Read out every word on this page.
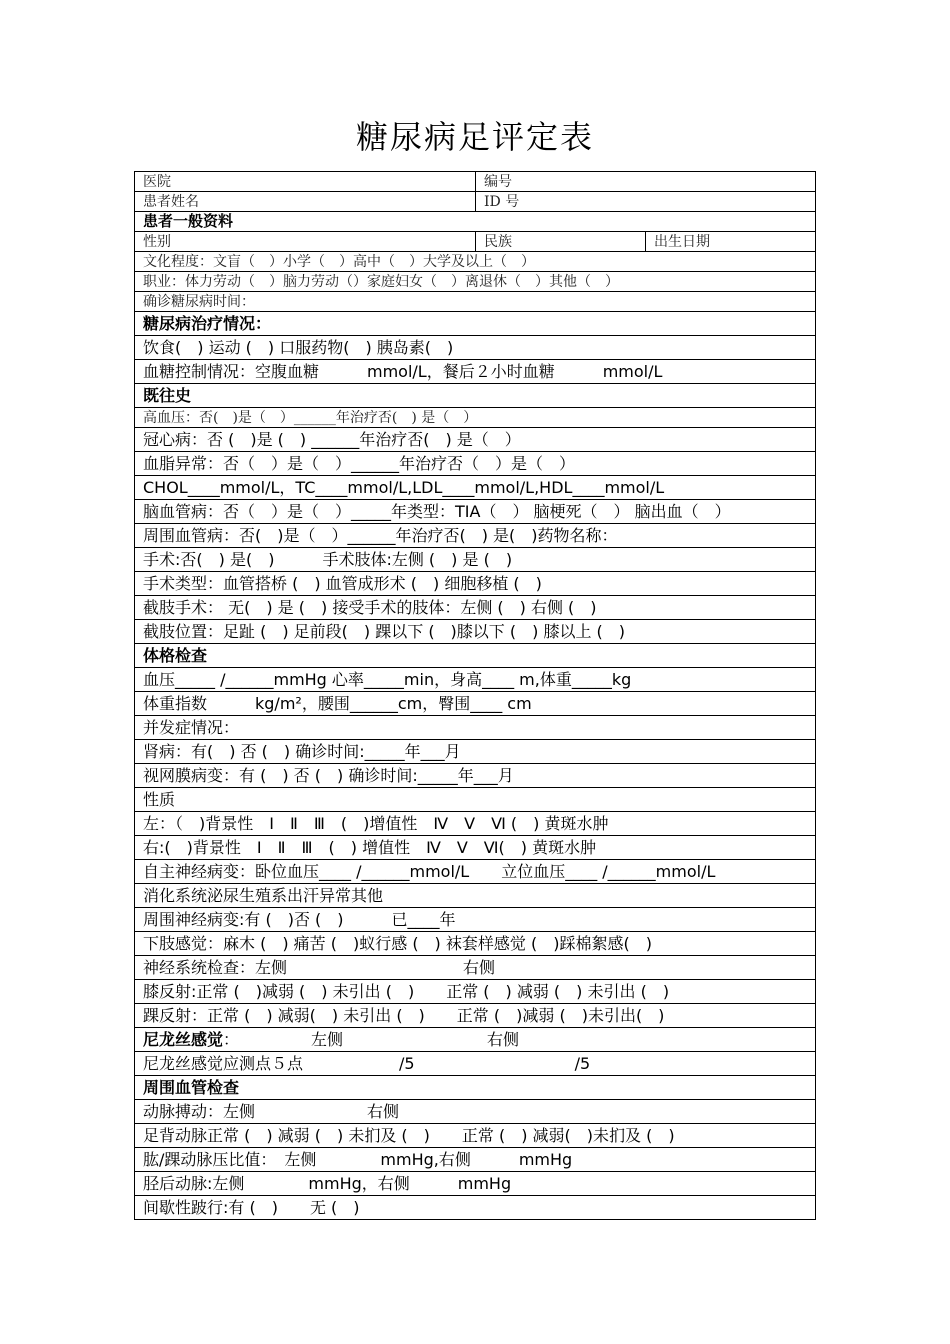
糖尿病足评定表
医院	编号	
患者姓名	ID 号	
患者一般资料		
性别	民族	出生日期
文化程度：文盲（　）小学（　）高中（　）大学及以上（　）		
职业：体力劳动（　）脑力劳动（）家庭妇女（　）离退休（　）其他（　）		
确诊糖尿病时间：		
糖尿病治疗情况：		
饮食(　) 运动 (　) 口服药物(　) 胰岛素(　)		
血糖控制情况：空腹血糖　　　mmol/L，餐后２小时血糖　　　mmol/L		
既往史		
高血压：否(　)是（　）______年治疗否(　) 是（　）		
冠心病：否 (　)是 (　) ______年治疗否(　) 是（　）		
血脂异常：否（　）是（　）______年治疗否（　）是（　）		
CHOL____mmol/L，TC____mmol/L,LDL____mmol/L,HDL____mmol/L		
脑血管病：否（　）是（　）_____年类型：TIA（　） 脑梗死（　） 脑出血（　）		
周围血管病：否(　)是（　）______年治疗否(　) 是(　)药物名称：		
手术:否(　) 是(　)　　　手术肢体:左侧 (　) 是 (　)		
手术类型：血管搭桥 (　) 血管成形术 (　) 细胞移植 (　)		
截肢手术： 无(　) 是 (　) 接受手术的肢体：左侧 (　) 右侧 (　)		
截肢位置：足趾 (　) 足前段(　) 踝以下 (　)膝以下 (　) 膝以上 (　)		
体格检查		
血压_____ /______mmHg 心率_____min，身高____ m,体重_____kg		
体重指数　　　kg/m²，腰围______cm，臀围____ cm		
并发症情况：		
肾病：有(　) 否 (　) 确诊时间:_____年___月		
视网膜病变：有 (　) 否 (　) 确诊时间:_____年___月		
性质		
左：（　)背景性　Ⅰ　Ⅱ　Ⅲ　(　)增值性　Ⅳ　Ⅴ　Ⅵ (　) 黄斑水肿		
右:(　)背景性　Ⅰ　Ⅱ　Ⅲ　(　) 增值性　Ⅳ　Ⅴ　Ⅵ(　) 黄斑水肿		
自主神经病变：卧位血压____ /______mmol/L　　立位血压____ /______mmol/L		
消化系统泌尿生殖系出汗异常其他		
周围神经病变:有 (　)否 (　)　　　已____年		
下肢感觉：麻木 (　) 痛苦 (　)蚁行感 (　) 袜套样感觉 (　)踩棉絮感(　)		
神经系统检查：左侧　　　　　　　　　　　右侧		
膝反射:正常 (　)减弱 (　) 未引出 (　)　　正常 (　) 减弱 (　) 未引出 (　)		
踝反射：正常 (　) 减弱(　) 未引出 (　)　　正常 (　)减弱 (　)未引出(　)		
尼龙丝感觉：　　　　　左侧　　　　　　　　　右侧		
尼龙丝感觉应测点５点　　　　　　/5　　　　　　　　　　/5		
周围血管检查		
动脉搏动：左侧　　　　　　　右侧		
足背动脉正常 (　) 减弱 (　) 未扪及 (　)　　正常 (　) 减弱(　)未扪及 (　)		
肱/踝动脉压比值：　左侧　　　　mmHg,右侧　　　mmHg		
胫后动脉:左侧　　　　mmHg，右侧　　　mmHg		
间歇性跛行:有 (　)　　无 (　)		
